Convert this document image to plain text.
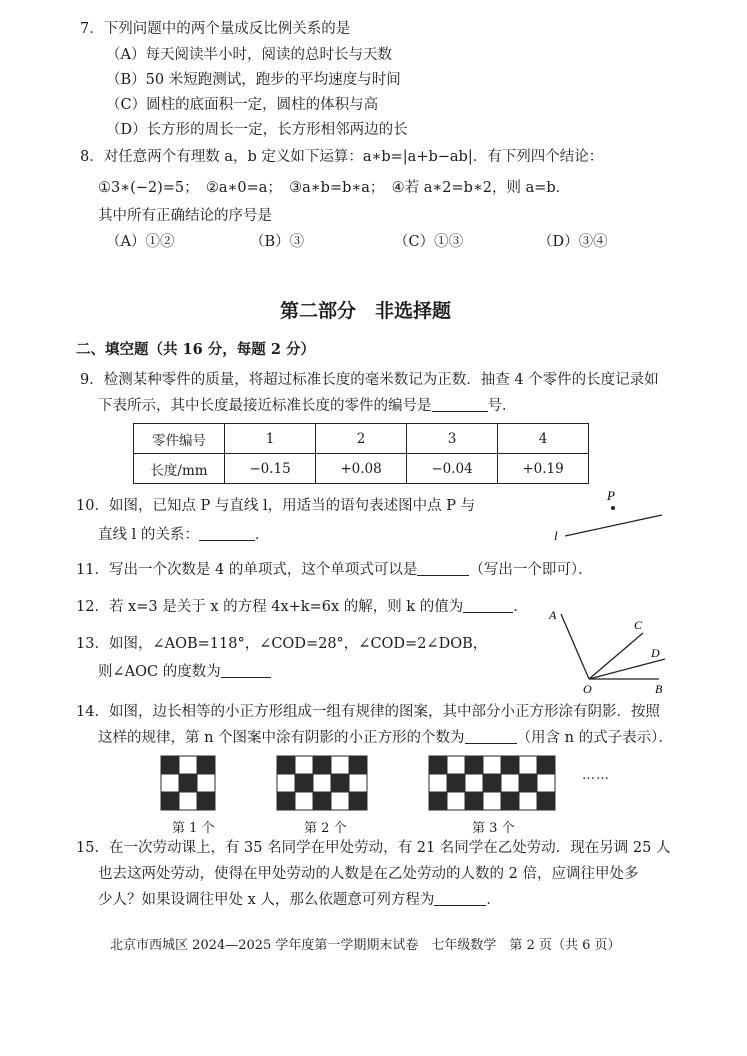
7．下列问题中的两个量成反比例关系的是
（A）每天阅读半小时，阅读的总时长与天数
（B）50 米短跑测试，跑步的平均速度与时间
（C）圆柱的底面积一定，圆柱的体积与高
（D）长方形的周长一定，长方形相邻两边的长
8．对任意两个有理数 a，b 定义如下运算：a∗b=|a+b−ab|．有下列四个结论：
①3∗(−2)=5；　②a∗0=a；　③a∗b=b∗a；　④若 a∗2=b∗2，则 a=b．
其中所有正确结论的序号是
（A）①②	（B）③	（C）①③	（D）③④
第二部分　非选择题
二、填空题（共 16 分，每题 2 分）
9．检测某种零件的质量，将超过标准长度的毫米数记为正数．抽查 4 个零件的长度记录如
下表所示，其中长度最接近标准长度的零件的编号是	号．
零件编号	1	2	3	4
长度/mm	−0.15	+0.08	−0.04	+0.19
10．如图，已知点 P 与直线 l，用适当的语句表述图中点 P 与
直线 l 的关系：	．
P
l
11．写出一个次数是 4 的单项式，这个单项式可以是	（写出一个即可）．
12．若 x=3 是关于 x 的方程 4x+k=6x 的解，则 k 的值为	．
13．如图，∠AOB=118°，∠COD=28°，∠COD=2∠DOB，
则∠AOC 的度数为
A
C
D
O	B
14．如图，边长相等的小正方形组成一组有规律的图案，其中部分小正方形涂有阴影．按照
这样的规律，第 n 个图案中涂有阴影的小正方形的个数为	（用含 n 的式子表示）．
……
第 1 个	第 2 个	第 3 个
15．在一次劳动课上，有 35 名同学在甲处劳动，有 21 名同学在乙处劳动．现在另调 25 人
也去这两处劳动，使得在甲处劳动的人数是在乙处劳动的人数的 2 倍，应调往甲处多
少人？如果设调往甲处 x 人，那么依题意可列方程为	．
北京市西城区 2024—2025 学年度第一学期期末试卷　七年级数学　第 2 页（共 6 页）
